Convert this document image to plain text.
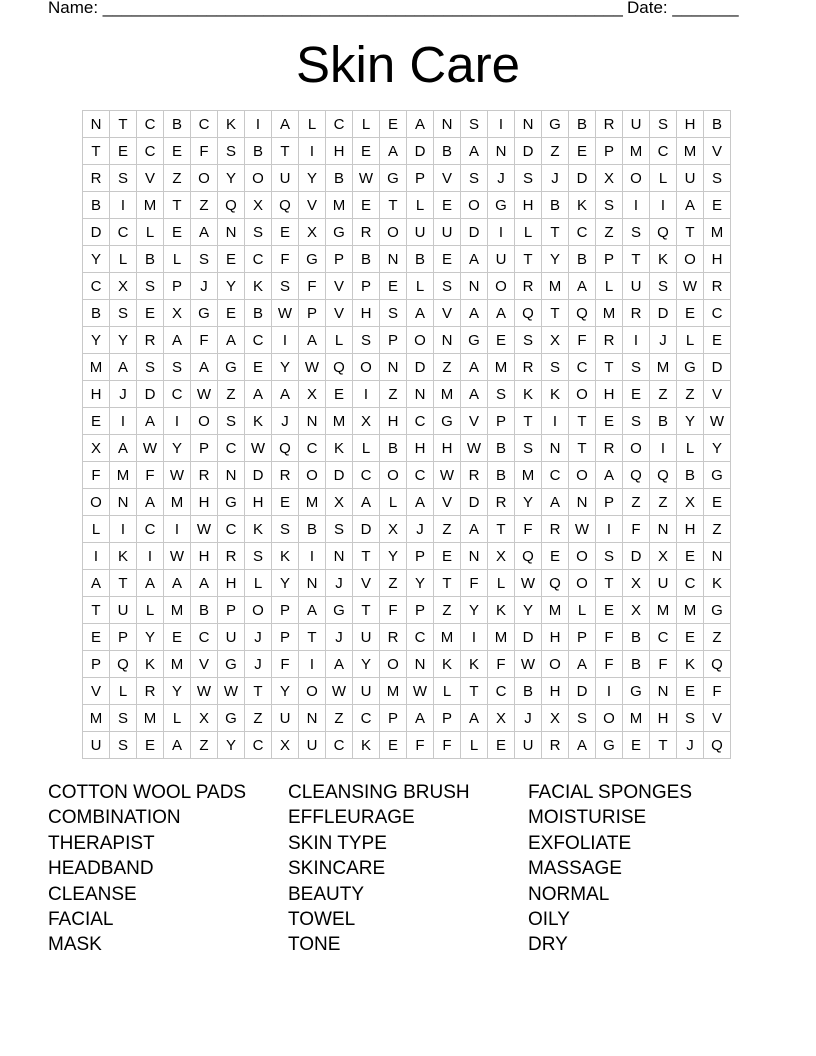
Name: _______________________________________________________ Date: _______
Skin Care
N	T	C	B	C	K	I	A	L	C	L	E	A	N	S	I	N	G	B	R	U	S	H	B
T	E	C	E	F	S	B	T	I	H	E	A	D	B	A	N	D	Z	E	P	M	C	M	V
R	S	V	Z	O	Y	O	U	Y	B	W	G	P	V	S	J	S	J	D	X	O	L	U	S
B	I	M	T	Z	Q	X	Q	V	M	E	T	L	E	O	G	H	B	K	S	I	I	A	E
D	C	L	E	A	N	S	E	X	G	R	O	U	U	D	I	L	T	C	Z	S	Q	T	M
Y	L	B	L	S	E	C	F	G	P	B	N	B	E	A	U	T	Y	B	P	T	K	O	H
C	X	S	P	J	Y	K	S	F	V	P	E	L	S	N	O	R	M	A	L	U	S	W	R
B	S	E	X	G	E	B	W	P	V	H	S	A	V	A	A	Q	T	Q	M	R	D	E	C
Y	Y	R	A	F	A	C	I	A	L	S	P	O	N	G	E	S	X	F	R	I	J	L	E
M	A	S	S	A	G	E	Y	W	Q	O	N	D	Z	A	M	R	S	C	T	S	M	G	D
H	J	D	C	W	Z	A	A	X	E	I	Z	N	M	A	S	K	K	O	H	E	Z	Z	V
E	I	A	I	O	S	K	J	N	M	X	H	C	G	V	P	T	I	T	E	S	B	Y	W
X	A	W	Y	P	C	W	Q	C	K	L	B	H	H	W	B	S	N	T	R	O	I	L	Y
F	M	F	W	R	N	D	R	O	D	C	O	C	W	R	B	M	C	O	A	Q	Q	B	G
O	N	A	M	H	G	H	E	M	X	A	L	A	V	D	R	Y	A	N	P	Z	Z	X	E
L	I	C	I	W	C	K	S	B	S	D	X	J	Z	A	T	F	R	W	I	F	N	H	Z
I	K	I	W	H	R	S	K	I	N	T	Y	P	E	N	X	Q	E	O	S	D	X	E	N
A	T	A	A	A	H	L	Y	N	J	V	Z	Y	T	F	L	W	Q	O	T	X	U	C	K
T	U	L	M	B	P	O	P	A	G	T	F	P	Z	Y	K	Y	M	L	E	X	M	M	G
E	P	Y	E	C	U	J	P	T	J	U	R	C	M	I	M	D	H	P	F	B	C	E	Z
P	Q	K	M	V	G	J	F	I	A	Y	O	N	K	K	F	W	O	A	F	B	F	K	Q
V	L	R	Y	W	W	T	Y	O	W	U	M	W	L	T	C	B	H	D	I	G	N	E	F
M	S	M	L	X	G	Z	U	N	Z	C	P	A	P	A	X	J	X	S	O	M	H	S	V
U	S	E	A	Z	Y	C	X	U	C	K	E	F	F	L	E	U	R	A	G	E	T	J	Q
COTTON WOOL PADS
COMBINATION
THERAPIST
HEADBAND
CLEANSE
FACIAL
MASK
CLEANSING BRUSH
EFFLEURAGE
SKIN TYPE
SKINCARE
BEAUTY
TOWEL
TONE
FACIAL SPONGES
MOISTURISE
EXFOLIATE
MASSAGE
NORMAL
OILY
DRY
